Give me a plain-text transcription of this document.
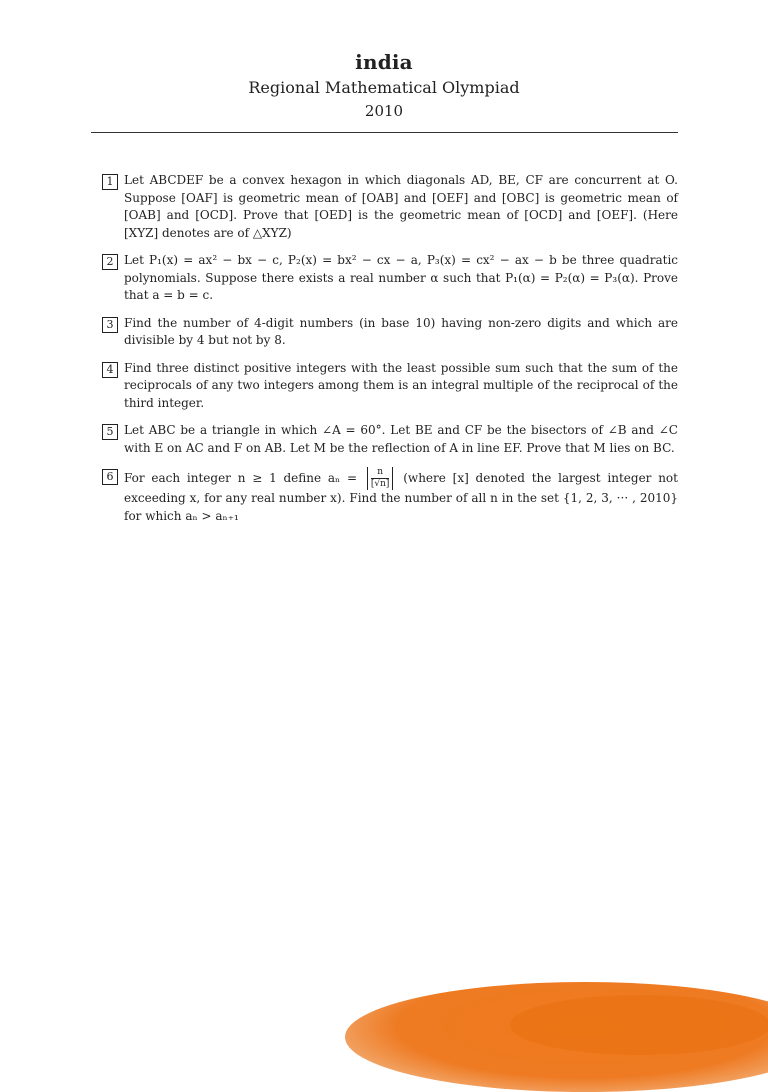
india
Regional Mathematical Olympiad
2010
1 Let ABCDEF be a convex hexagon in which diagonals AD, BE, CF are concurrent at O. Suppose [OAF] is geometric mean of [OAB] and [OEF] and [OBC] is geometric mean of [OAB] and [OCD]. Prove that [OED] is the geometric mean of [OCD] and [OEF]. (Here [XYZ] denotes are of △XYZ)
2 Let P₁(x) = ax² − bx − c, P₂(x) = bx² − cx − a, P₃(x) = cx² − ax − b be three quadratic polynomials. Suppose there exists a real number α such that P₁(α) = P₂(α) = P₃(α). Prove that a = b = c.
3 Find the number of 4-digit numbers (in base 10) having non-zero digits and which are divisible by 4 but not by 8.
4 Find three distinct positive integers with the least possible sum such that the sum of the reciprocals of any two integers among them is an integral multiple of the reciprocal of the third integer.
5 Let ABC be a triangle in which ∠A = 60°. Let BE and CF be the bisectors of ∠B and ∠C with E on AC and F on AB. Let M be the reflection of A in line EF. Prove that M lies on BC.
6 For each integer n ≥ 1 define $a_n = \frac{n}{[√n]}$ (where [x] denoted the largest integer not exceeding x, for any real number x). Find the number of all n in the set {1, 2, 3, ··· , 2010} for which aₙ > aₙ₊₁
